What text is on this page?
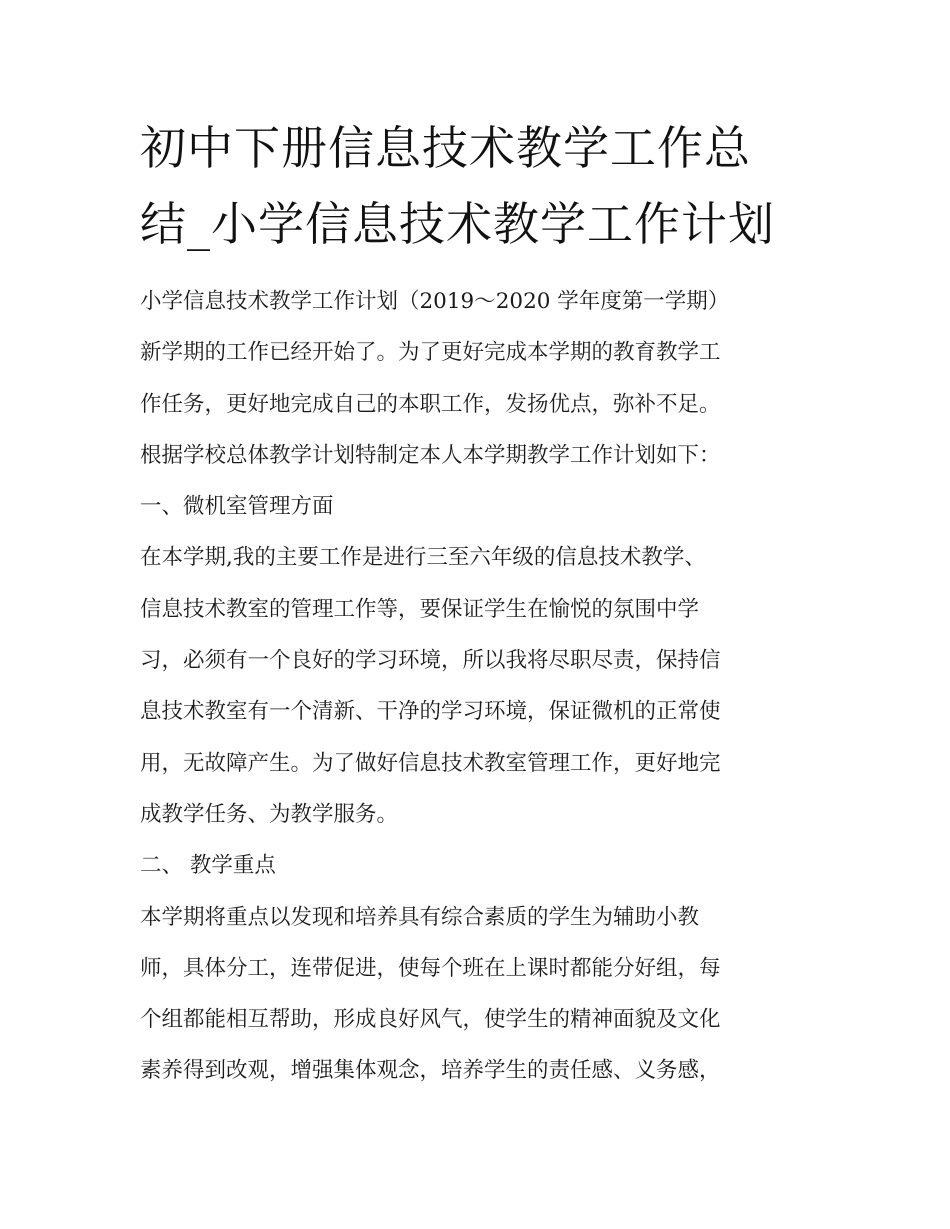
初中下册信息技术教学工作总
结_小学信息技术教学工作计划
小学信息技术教学工作计划（2019～2020 学年度第一学期）
新学期的工作已经开始了。为了更好完成本学期的教育教学工
作任务，更好地完成自己的本职工作，发扬优点，弥补不足。
根据学校总体教学计划特制定本人本学期教学工作计划如下：
一、微机室管理方面
在本学期,我的主要工作是进行三至六年级的信息技术教学、
信息技术教室的管理工作等，要保证学生在愉悦的氛围中学
习，必须有一个良好的学习环境，所以我将尽职尽责，保持信
息技术教室有一个清新、干净的学习环境，保证微机的正常使
用，无故障产生。为了做好信息技术教室管理工作，更好地完
成教学任务、为教学服务。
二、 教学重点
本学期将重点以发现和培养具有综合素质的学生为辅助小教
师，具体分工，连带促进，使每个班在上课时都能分好组，每
个组都能相互帮助，形成良好风气，使学生的精神面貌及文化
素养得到改观，增强集体观念，培养学生的责任感、义务感，
